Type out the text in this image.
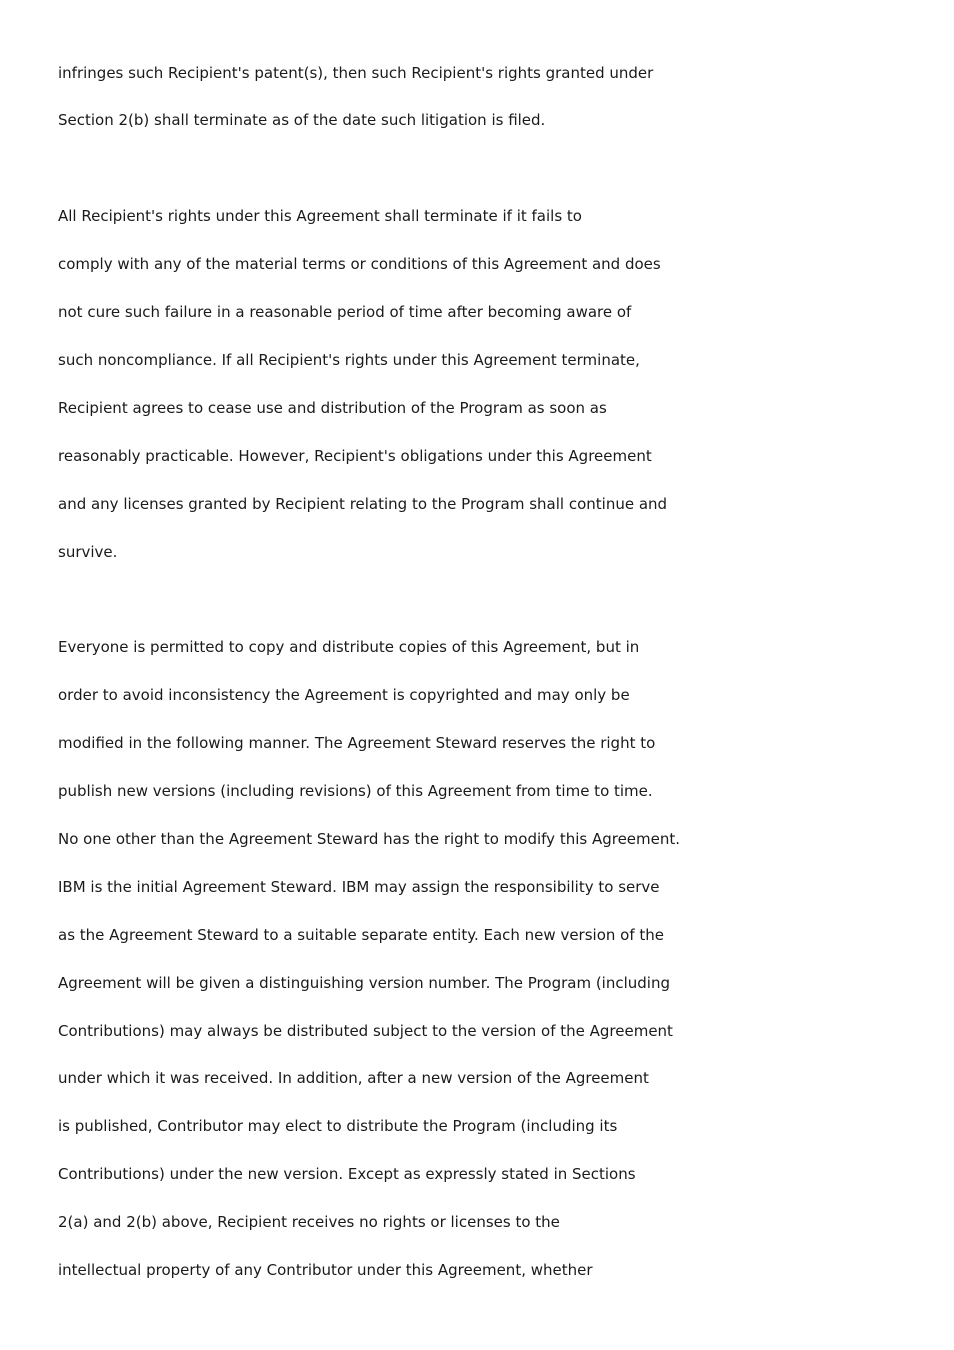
infringes such Recipient's patent(s), then such Recipient's rights granted under

Section 2(b) shall terminate as of the date such litigation is filed.

All Recipient's rights under this Agreement shall terminate if it fails to

comply with any of the material terms or conditions of this Agreement and does

not cure such failure in a reasonable period of time after becoming aware of

such noncompliance. If all Recipient's rights under this Agreement terminate,

Recipient agrees to cease use and distribution of the Program as soon as

reasonably practicable. However, Recipient's obligations under this Agreement

and any licenses granted by Recipient relating to the Program shall continue and

survive.

Everyone is permitted to copy and distribute copies of this Agreement, but in

order to avoid inconsistency the Agreement is copyrighted and may only be

modified in the following manner. The Agreement Steward reserves the right to

publish new versions (including revisions) of this Agreement from time to time.

No one other than the Agreement Steward has the right to modify this Agreement.

IBM is the initial Agreement Steward. IBM may assign the responsibility to serve

as the Agreement Steward to a suitable separate entity. Each new version of the

Agreement will be given a distinguishing version number. The Program (including

Contributions) may always be distributed subject to the version of the Agreement

under which it was received. In addition, after a new version of the Agreement

is published, Contributor may elect to distribute the Program (including its

Contributions) under the new version. Except as expressly stated in Sections

2(a) and 2(b) above, Recipient receives no rights or licenses to the

intellectual property of any Contributor under this Agreement, whether
